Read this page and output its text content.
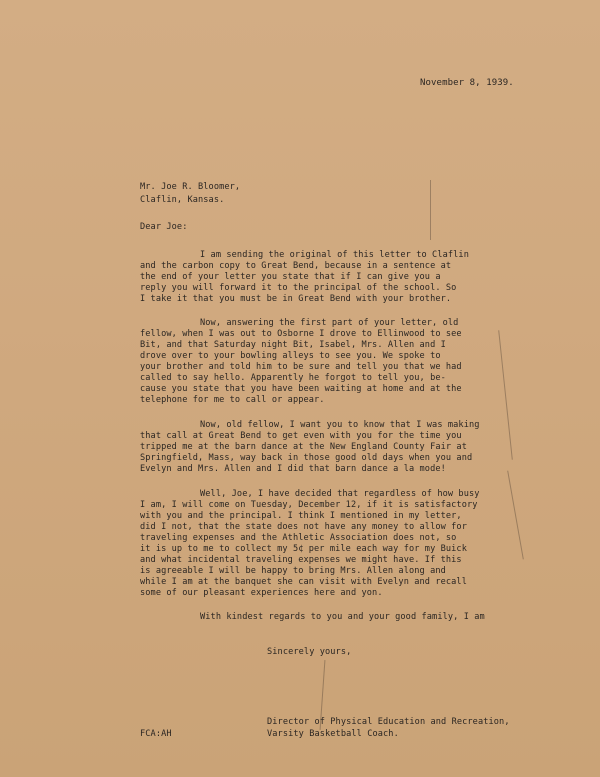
November 8, 1939.
Mr. Joe R. Bloomer,
Claflin, Kansas.
Dear Joe:
I am sending the original of this letter to Claflin
and the carbon copy to Great Bend, because in a sentence at
the end of your letter you state that if I can give you a
reply you will forward it to the principal of the school. So
I take it that you must be in Great Bend with your brother.
Now, answering the first part of your letter, old
fellow, when I was out to Osborne I drove to Ellinwood to see
Bit, and that Saturday night Bit, Isabel, Mrs. Allen and I
drove over to your bowling alleys to see you. We spoke to
your brother and told him to be sure and tell you that we had
called to say hello. Apparently he forgot to tell you, be-
cause you state that you have been waiting at home and at the
telephone for me to call or appear.
Now, old fellow, I want you to know that I was making
that call at Great Bend to get even with you for the time you
tripped me at the barn dance at the New England County Fair at
Springfield, Mass, way back in those good old days when you and
Evelyn and Mrs. Allen and I did that barn dance a la mode!
Well, Joe, I have decided that regardless of how busy
I am, I will come on Tuesday, December 12, if it is satisfactory
with you and the principal. I think I mentioned in my letter,
did I not, that the state does not have any money to allow for
traveling expenses and the Athletic Association does not, so
it is up to me to collect my 5¢ per mile each way for my Buick
and what incidental traveling expenses we might have. If this
is agreeable I will be happy to bring Mrs. Allen along and
while I am at the banquet she can visit with Evelyn and recall
some of our pleasant experiences here and yon.
With kindest regards to you and your good family, I am
Sincerely yours,
Director of Physical Education and Recreation,
Varsity Basketball Coach.
FCA:AH
